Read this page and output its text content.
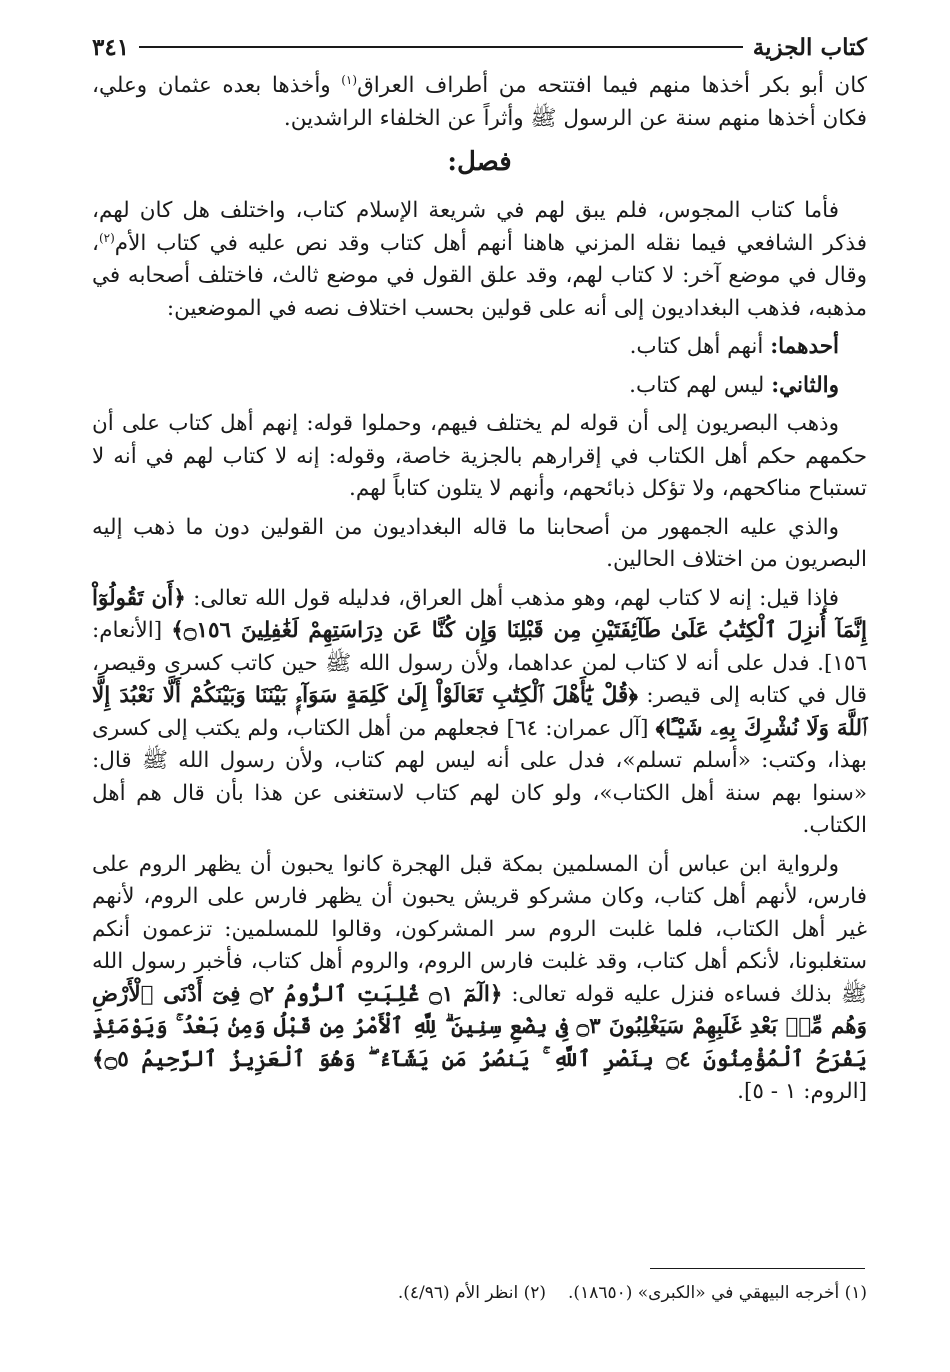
كتاب الجزية
٣٤١

كان أبو بكر أخذها منهم فيما افتتحه من أطراف العراق$^{(١)}$ وأخذها بعده عثمان وعلي، فكان أخذها منهم سنة عن الرسول ﷺ وأثراً عن الخلفاء الراشدين.

فصل:

فأما كتاب المجوس، فلم يبق لهم في شريعة الإسلام كتاب، واختلف هل كان لهم، فذكر الشافعي فيما نقله المزني هاهنا أنهم أهل كتاب وقد نص عليه في كتاب الأم$^{(٢)}$، وقال في موضع آخر: لا كتاب لهم، وقد علق القول في موضع ثالث، فاختلف أصحابه في مذهبه، فذهب البغداديون إلى أنه على قولين بحسب اختلاف نصه في الموضعين:

أحدهما: أنهم أهل كتاب.

والثاني: ليس لهم كتاب.

وذهب البصريون إلى أن قوله لم يختلف فيهم، وحملوا قوله: إنهم أهل كتاب على أن حكمهم حكم أهل الكتاب في إقرارهم بالجزية خاصة، وقوله: إنه لا كتاب لهم في أنه لا تستباح مناكحهم، ولا تؤكل ذبائحهم، وأنهم لا يتلون كتاباً لهم.

والذي عليه الجمهور من أصحابنا ما قاله البغداديون من القولين دون ما ذهب إليه البصريون من اختلاف الحالين.

فإذا قيل: إنه لا كتاب لهم، وهو مذهب أهل العراق، فدليله قول الله تعالى: ﴿أَن تَقُولُوٓاْ إِنَّمَآ أُنزِلَ ٱلْكِتَٰبُ عَلَىٰ طَآئِفَتَيْنِ مِن قَبْلِنَا وَإِن كُنَّا عَن دِرَاسَتِهِمْ لَغَٰفِلِينَ ۝١٥٦﴾ [الأنعام: ١٥٦]. فدل على أنه لا كتاب لمن عداهما، ولأن رسول الله ﷺ حين كاتب كسرى وقيصر، قال في كتابه إلى قيصر: ﴿قُلْ يَٰٓأَهْلَ ٱلْكِتَٰبِ تَعَالَوْاْ إِلَىٰ كَلِمَةٍ سَوَآءٍۭ بَيْنَنَا وَبَيْنَكُمْ أَلَّا نَعْبُدَ إِلَّا ٱللَّهَ وَلَا نُشْرِكَ بِهِۦ شَيْـًٔا﴾ [آل عمران: ٦٤] فجعلهم من أهل الكتاب، ولم يكتب إلى كسرى بهذا، وكتب: «أسلم تسلم»، فدل على أنه ليس لهم كتاب، ولأن رسول الله ﷺ قال: «سنوا بهم سنة أهل الكتاب»، ولو كان لهم كتاب لاستغنى عن هذا بأن قال هم أهل الكتاب.

ولرواية ابن عباس أن المسلمين بمكة قبل الهجرة كانوا يحبون أن يظهر الروم على فارس، لأنهم أهل كتاب، وكان مشركو قريش يحبون أن يظهر فارس على الروم، لأنهم غير أهل الكتاب، فلما غلبت الروم سر المشركون، وقالوا للمسلمين: تزعمون أنكم ستغلبونا، لأنكم أهل كتاب، وقد غلبت فارس الروم، والروم أهل كتاب، فأخبر رسول الله ﷺ بذلك فساءه فنزل عليه قوله تعالى: ﴿الٓمٓ ۝١ غُلِبَتِ ٱلرُّومُ ۝٢ فِىٓ أَدْنَى ٱلْأَرْضِ وَهُم مِّنۢ بَعْدِ غَلَبِهِمْ سَيَغْلِبُونَ ۝٣ فِى بِضْعِ سِنِينَ ۗ لِلَّهِ ٱلْأَمْرُ مِن قَبْلُ وَمِنۢ بَعْدُ ۚ وَيَوْمَئِذٍ يَفْرَحُ ٱلْمُؤْمِنُونَ ۝٤ بِنَصْرِ ٱللَّهِ ۚ يَنصُرُ مَن يَشَآءُ ۖ وَهُوَ ٱلْعَزِيزُ ٱلرَّحِيمُ ۝٥﴾ [الروم: ١ - ٥].

(١) أخرجه البيهقي في «الكبرى» (١٨٦٥٠).(٢) انظر الأم (٤/٩٦).
